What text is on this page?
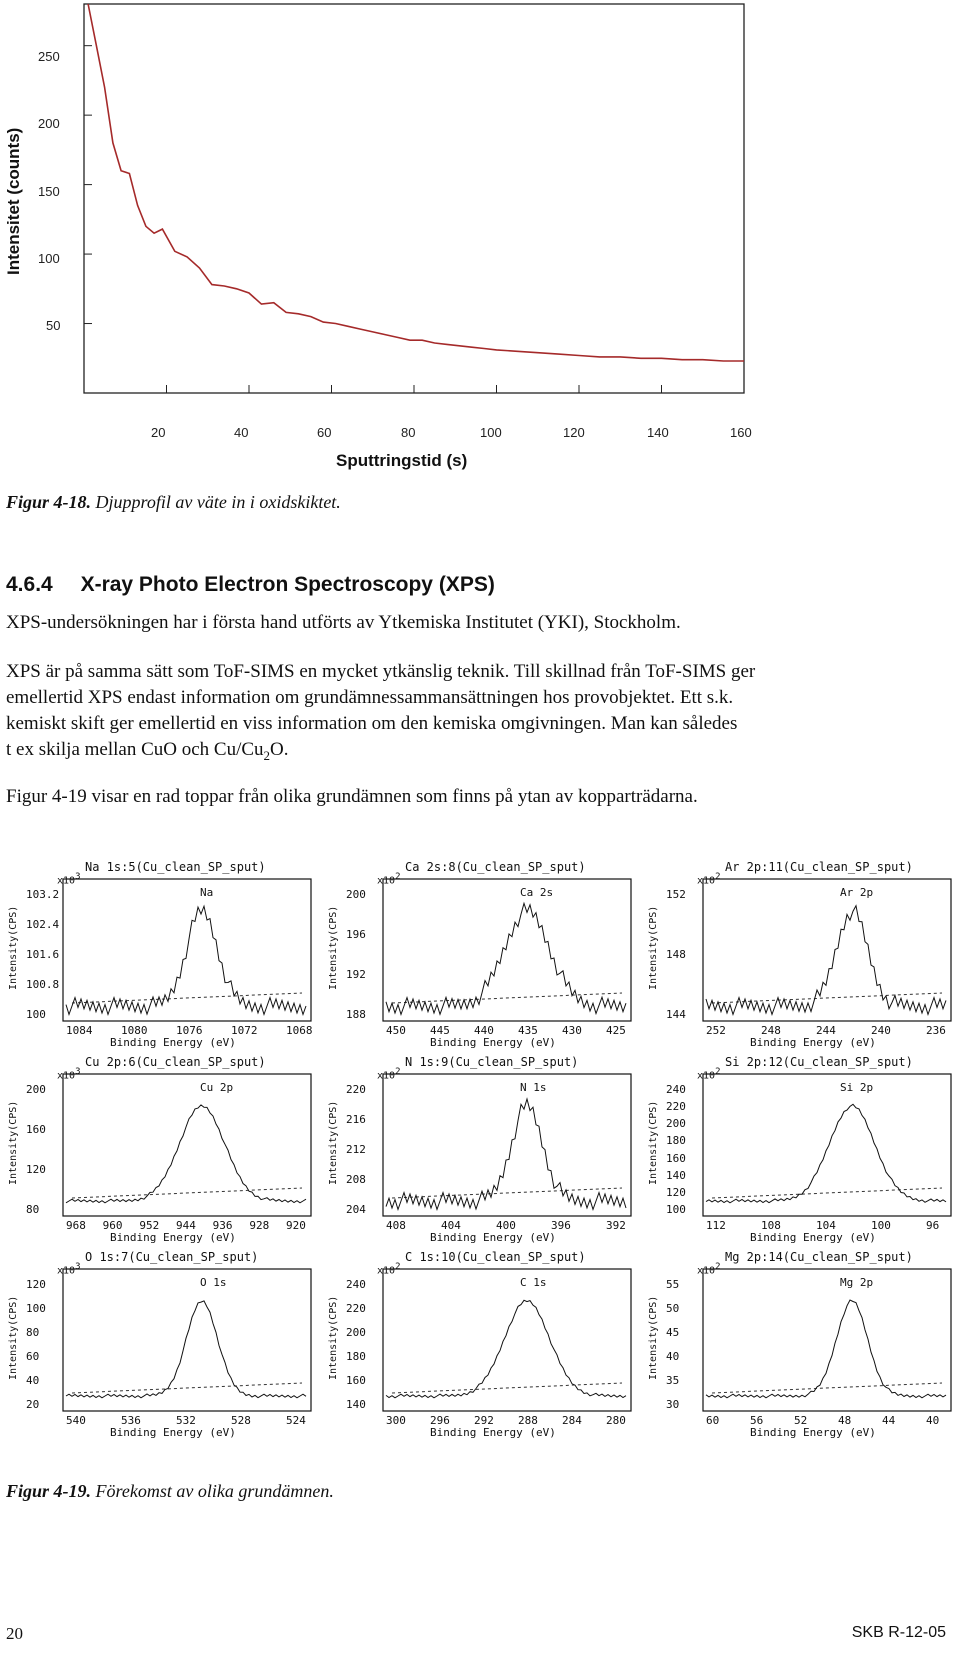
Intensitet (counts)
250
200
150
100
50
20	40	60	80	100	120	140	160
Sputtringstid (s)
Figur 4-18. Djupprofil av väte in i oxidskiktet.
4.6.4 X-ray Photo Electron Spectroscopy (XPS)

XPS-undersökningen har i första hand utförts av Ytkemiska Institutet (YKI), Stockholm.

XPS är på samma sätt som ToF-SIMS en mycket ytkänslig teknik. Till skillnad från ToF-SIMS ger

emellertid XPS endast information om grundämnessammansättningen hos provobjektet. Ett s.k.

kemiskt skift ger emellertid en viss information om den kemiska omgivningen. Man kan således

t ex skilja mellan CuO och $Cu/Cu_2O$.

Figur 4-19 visar en rad toppar från olika grundämnen som finns på ytan av kopparträdarna.

Na 1s:5(Cu_clean_SP_sput)
$x10^3$
Na
Intensity(CPS)
Binding Energy (eV)
103.2
102.4
101.6
100.8
100
1084	1080	1076	1072	1068
Ca 2s:8(Cu_clean_SP_sput)
$x10^2$
Ca 2s
Intensity(CPS)
Binding Energy (eV)
200
196
192
188
450 445 440 435 430 425
Ar 2p:11(Cu_clean_SP_sput)
$x10^2$
Ar 2p
Intensity(CPS)
Binding Energy (eV)
152
148
144
252	248	244	240	236
Cu 2p:6(Cu_clean_SP_sput)
$x10^3$
Cu 2p
Intensity(CPS)
Binding Energy (eV)
200
160
120
80
968 960 952 944 936 928 920
N 1s:9(Cu_clean_SP_sput)
$x10^2$
N 1s
Intensity(CPS)
Binding Energy (eV)
220
216
212
208
204
408	404	400	396	392
Si 2p:12(Cu_clean_SP_sput)
$x10^2$
Si 2p
Intensity(CPS)
Binding Energy (eV)
240
220
200
180
160
140
120
100
112	108	104	100	96
O 1s:7(Cu_clean_SP_sput)
$x10^3$
O 1s
Intensity(CPS)
Binding Energy (eV)
120
100
80
60
40
20
540	536	532	528	524
C 1s:10(Cu_clean_SP_sput)
$x10^2$
C 1s
Intensity(CPS)
Binding Energy (eV)
240
220
200
180
160
140
300 296 292 288 284 280
Mg 2p:14(Cu_clean_SP_sput)
$x10^2$
Mg 2p
Intensity(CPS)
Binding Energy (eV)
55
50
45
40
35
30
60	56	52	48	44	40
Figur 4-19. Förekomst av olika grundämnen.
20	SKB R-12-05
